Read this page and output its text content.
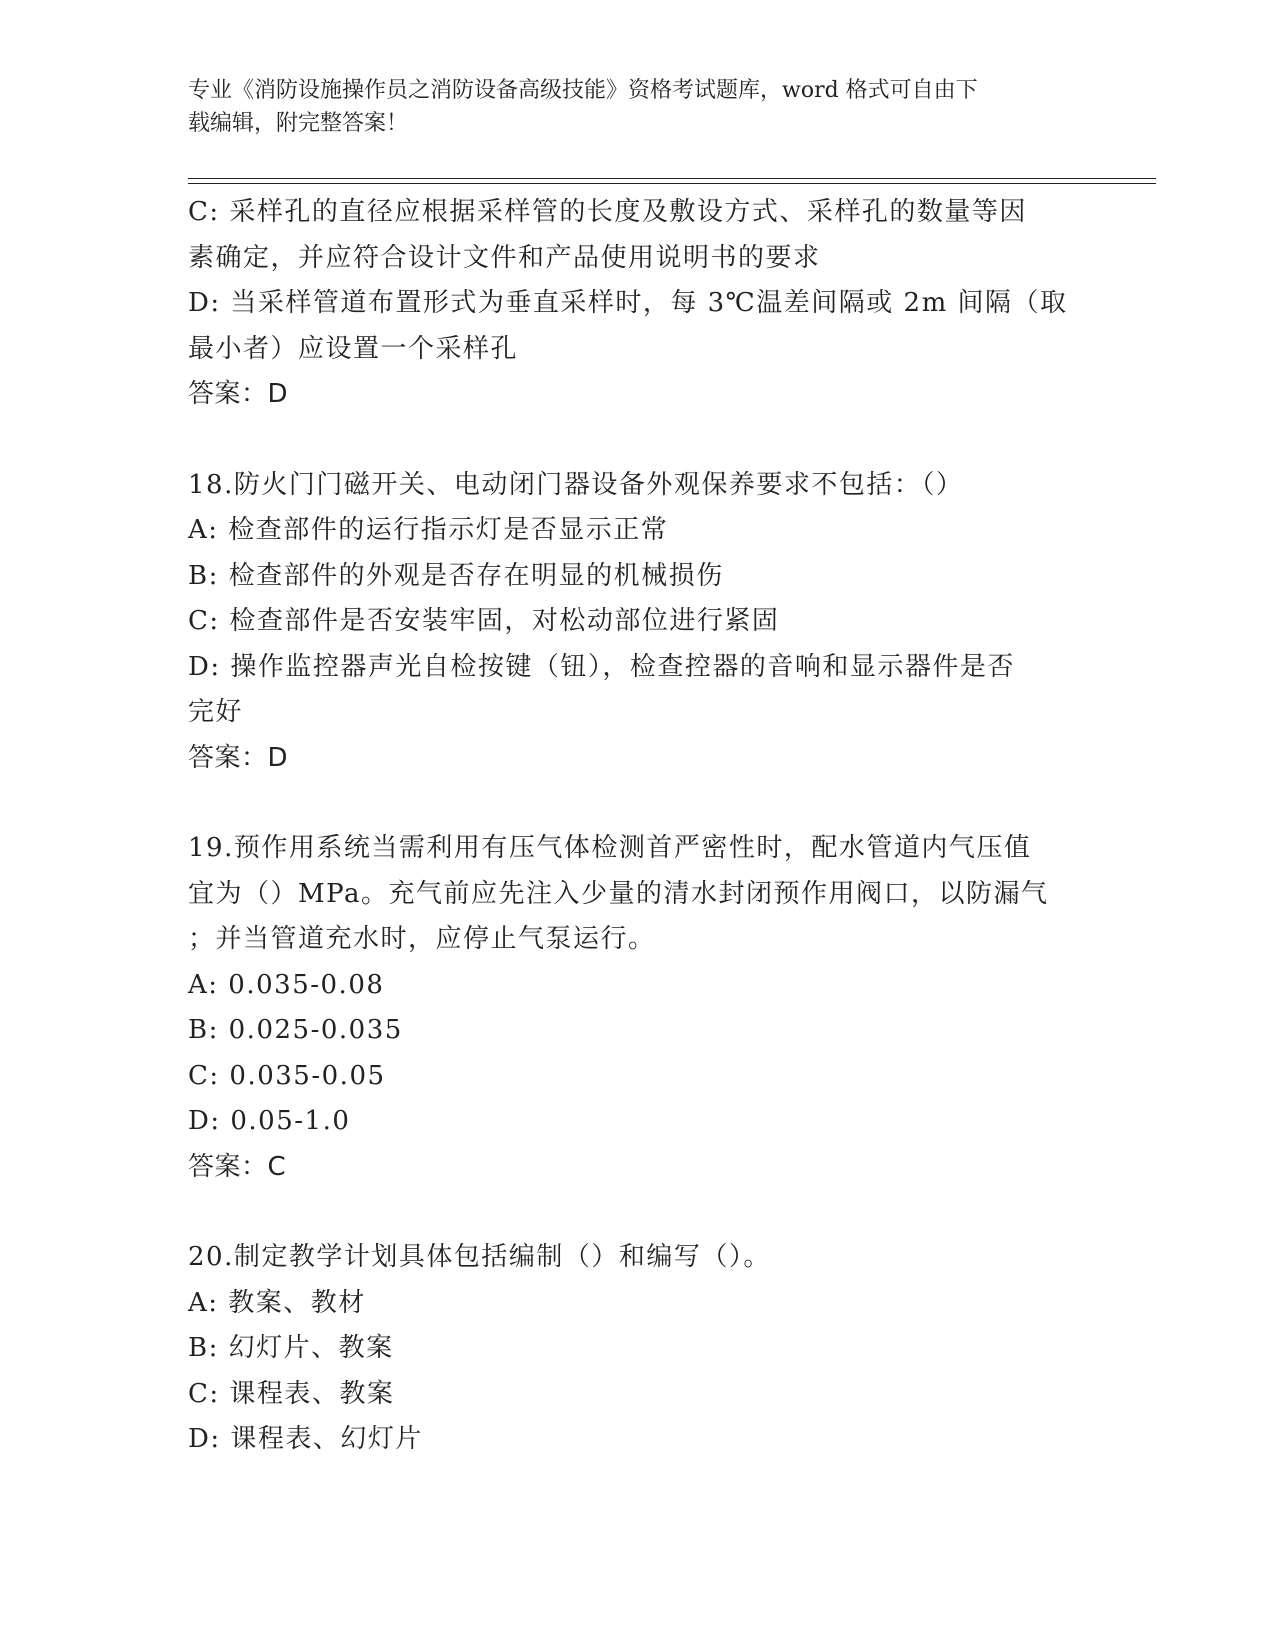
专业《消防设施操作员之消防设备高级技能》资格考试题库，word 格式可自由下
载编辑，附完整答案！
C: 采样孔的直径应根据采样管的长度及敷设方式、采样孔的数量等因
素确定，并应符合设计文件和产品使用说明书的要求
D: 当采样管道布置形式为垂直采样时，每 3℃温差间隔或 2m 间隔（取
最小者）应设置一个采样孔
答案：D
18.防火门门磁开关、电动闭门器设备外观保养要求不包括：（）
A: 检查部件的运行指示灯是否显示正常
B: 检查部件的外观是否存在明显的机械损伤
C: 检查部件是否安装牢固，对松动部位进行紧固
D: 操作监控器声光自检按键（钮），检查控器的音响和显示器件是否
完好
答案：D
19.预作用系统当需利用有压气体检测首严密性时，配水管道内气压值
宜为（）MPa。充气前应先注入少量的清水封闭预作用阀口，以防漏气
；并当管道充水时，应停止气泵运行。
A: 0.035-0.08
B: 0.025-0.035
C: 0.035-0.05
D: 0.05-1.0
答案：C
20.制定教学计划具体包括编制（）和编写（）。
A: 教案、教材
B: 幻灯片、教案
C: 课程表、教案
D: 课程表、幻灯片
